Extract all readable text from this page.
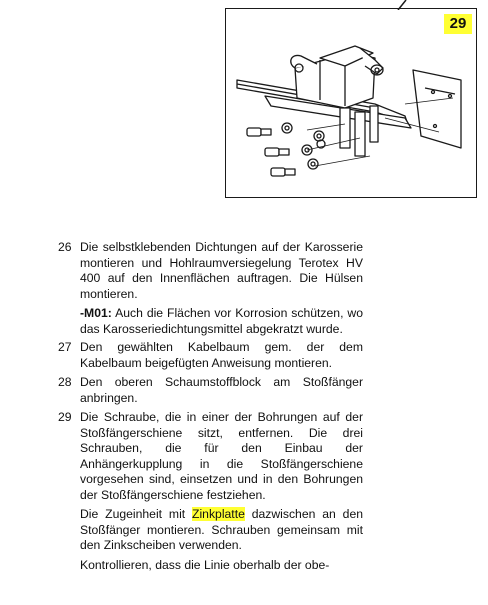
29
26 Die selbstklebenden Dichtungen auf der Karosserie montieren und Hohlraumversiegelung Terotex HV 400 auf den Innenflächen auftragen. Die Hülsen montieren.

-M01: Auch die Flächen vor Korrosion schützen, wo das Karosseriedichtungsmittel abgekratzt wurde.
27 Den gewählten Kabelbaum gem. der dem Kabelbaum beigefügten Anweisung montieren.

28 Den oberen Schaumstoffblock am Stoßfänger anbringen.

29 Die Schraube, die in einer der Bohrungen auf der Stoßfängerschiene sitzt, entfernen. Die drei Schrauben, die für den Einbau der Anhängerkupplung in die Stoßfängerschiene vorgesehen sind, einsetzen und in den Bohrungen der Stoßfängerschiene festziehen.

Die Zugeinheit mit Zinkplatte dazwischen an den Stoßfänger montieren. Schrauben gemeinsam mit den Zinkscheiben verwenden.
Kontrollieren, dass die Linie oberhalb der obe-
